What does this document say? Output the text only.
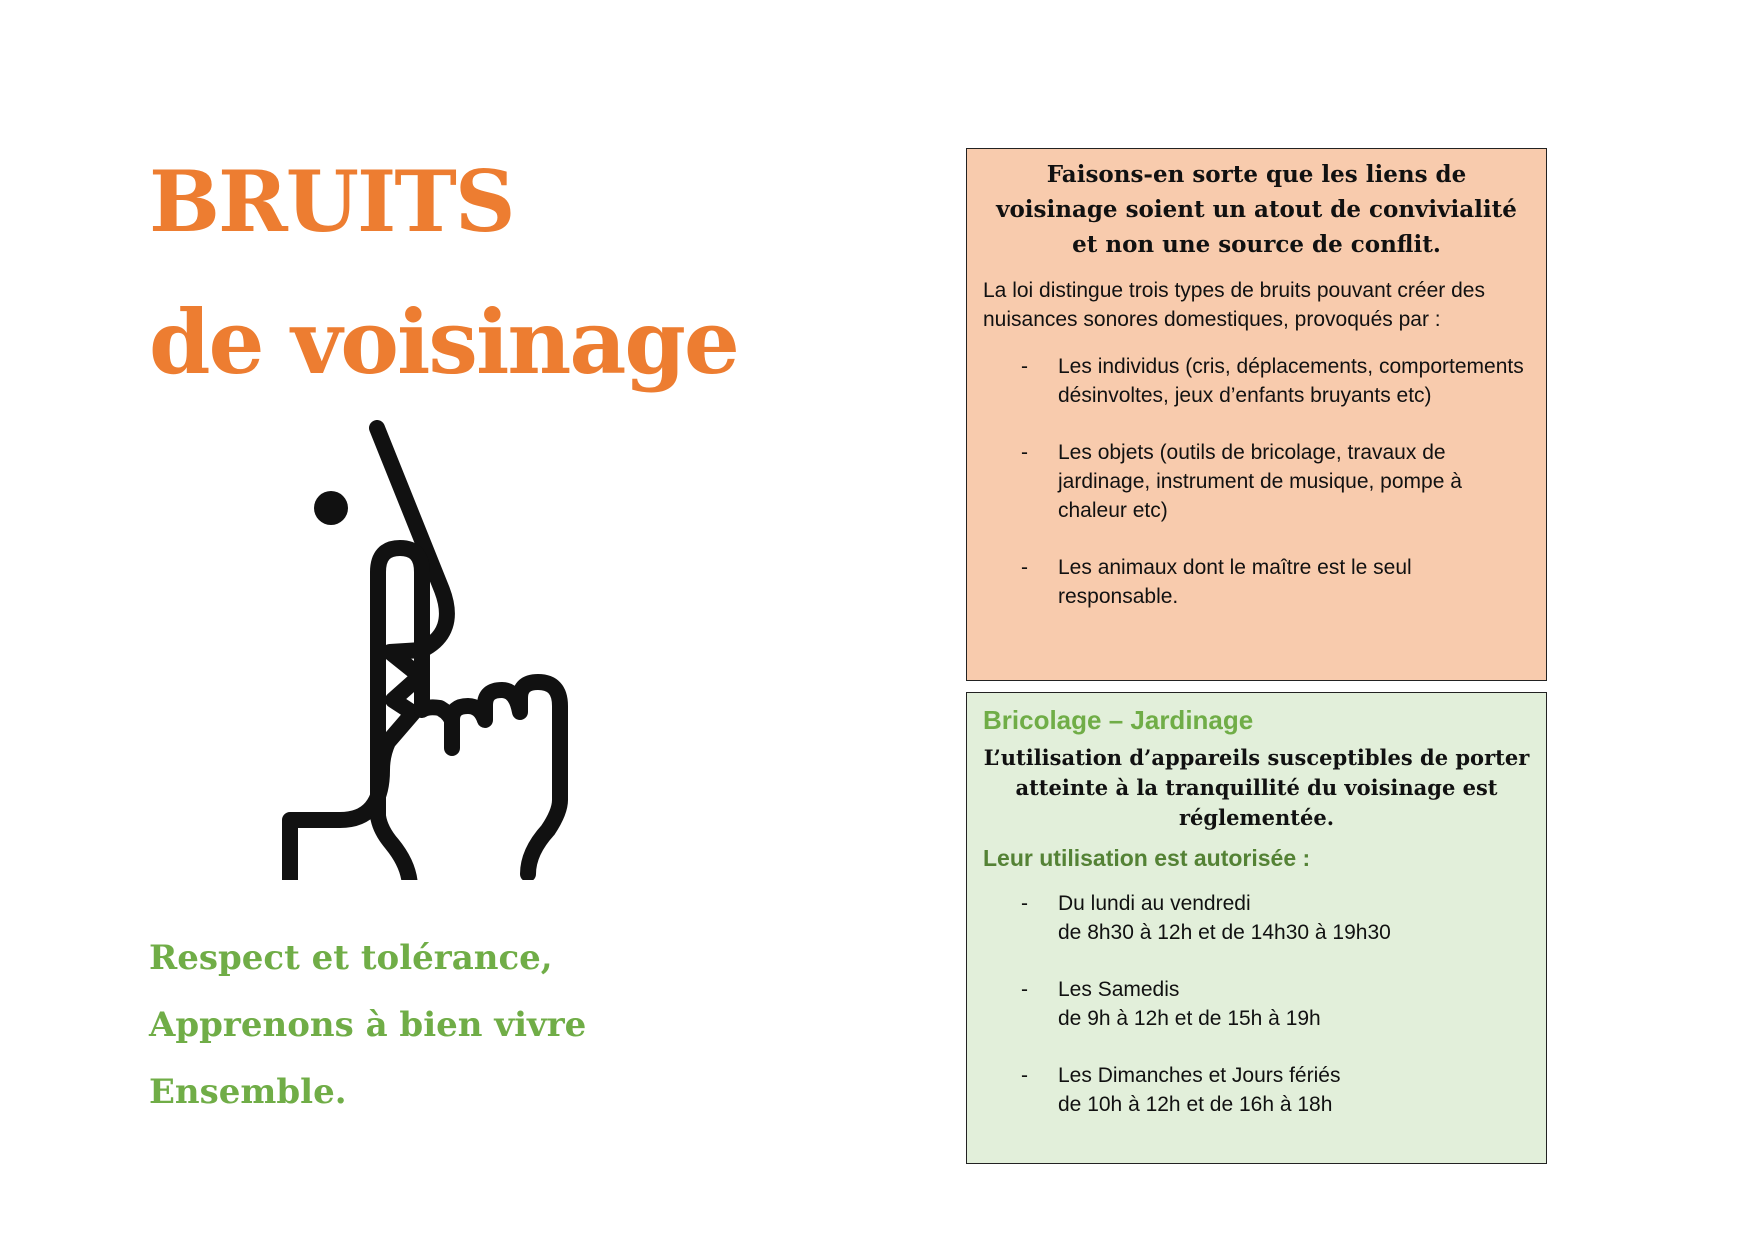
BRUITS
de voisinage
Respect et tolérance,
Apprenons à bien vivre
Ensemble.

Faisons-en sorte que les liens de voisinage soient un atout de convivialité et non une source de conflit.

La loi distingue trois types de bruits pouvant créer des nuisances sonores domestiques, provoqués par :

- Les individus (cris, déplacements, comportements désinvoltes, jeux d’enfants bruyants etc)
- Les objets (outils de bricolage, travaux de jardinage, instrument de musique, pompe à chaleur etc)
- Les animaux dont le maître est le seul responsable.

Bricolage – Jardinage

L’utilisation d’appareils susceptibles de porter atteinte à la tranquillité du voisinage est réglementée.

Leur utilisation est autorisée :

- Du lundi au vendredi
de 8h30 à 12h et de 14h30 à 19h30
- Les Samedis
de 9h à 12h et de 15h à 19h
- Les Dimanches et Jours fériés
de 10h à 12h et de 16h à 18h
